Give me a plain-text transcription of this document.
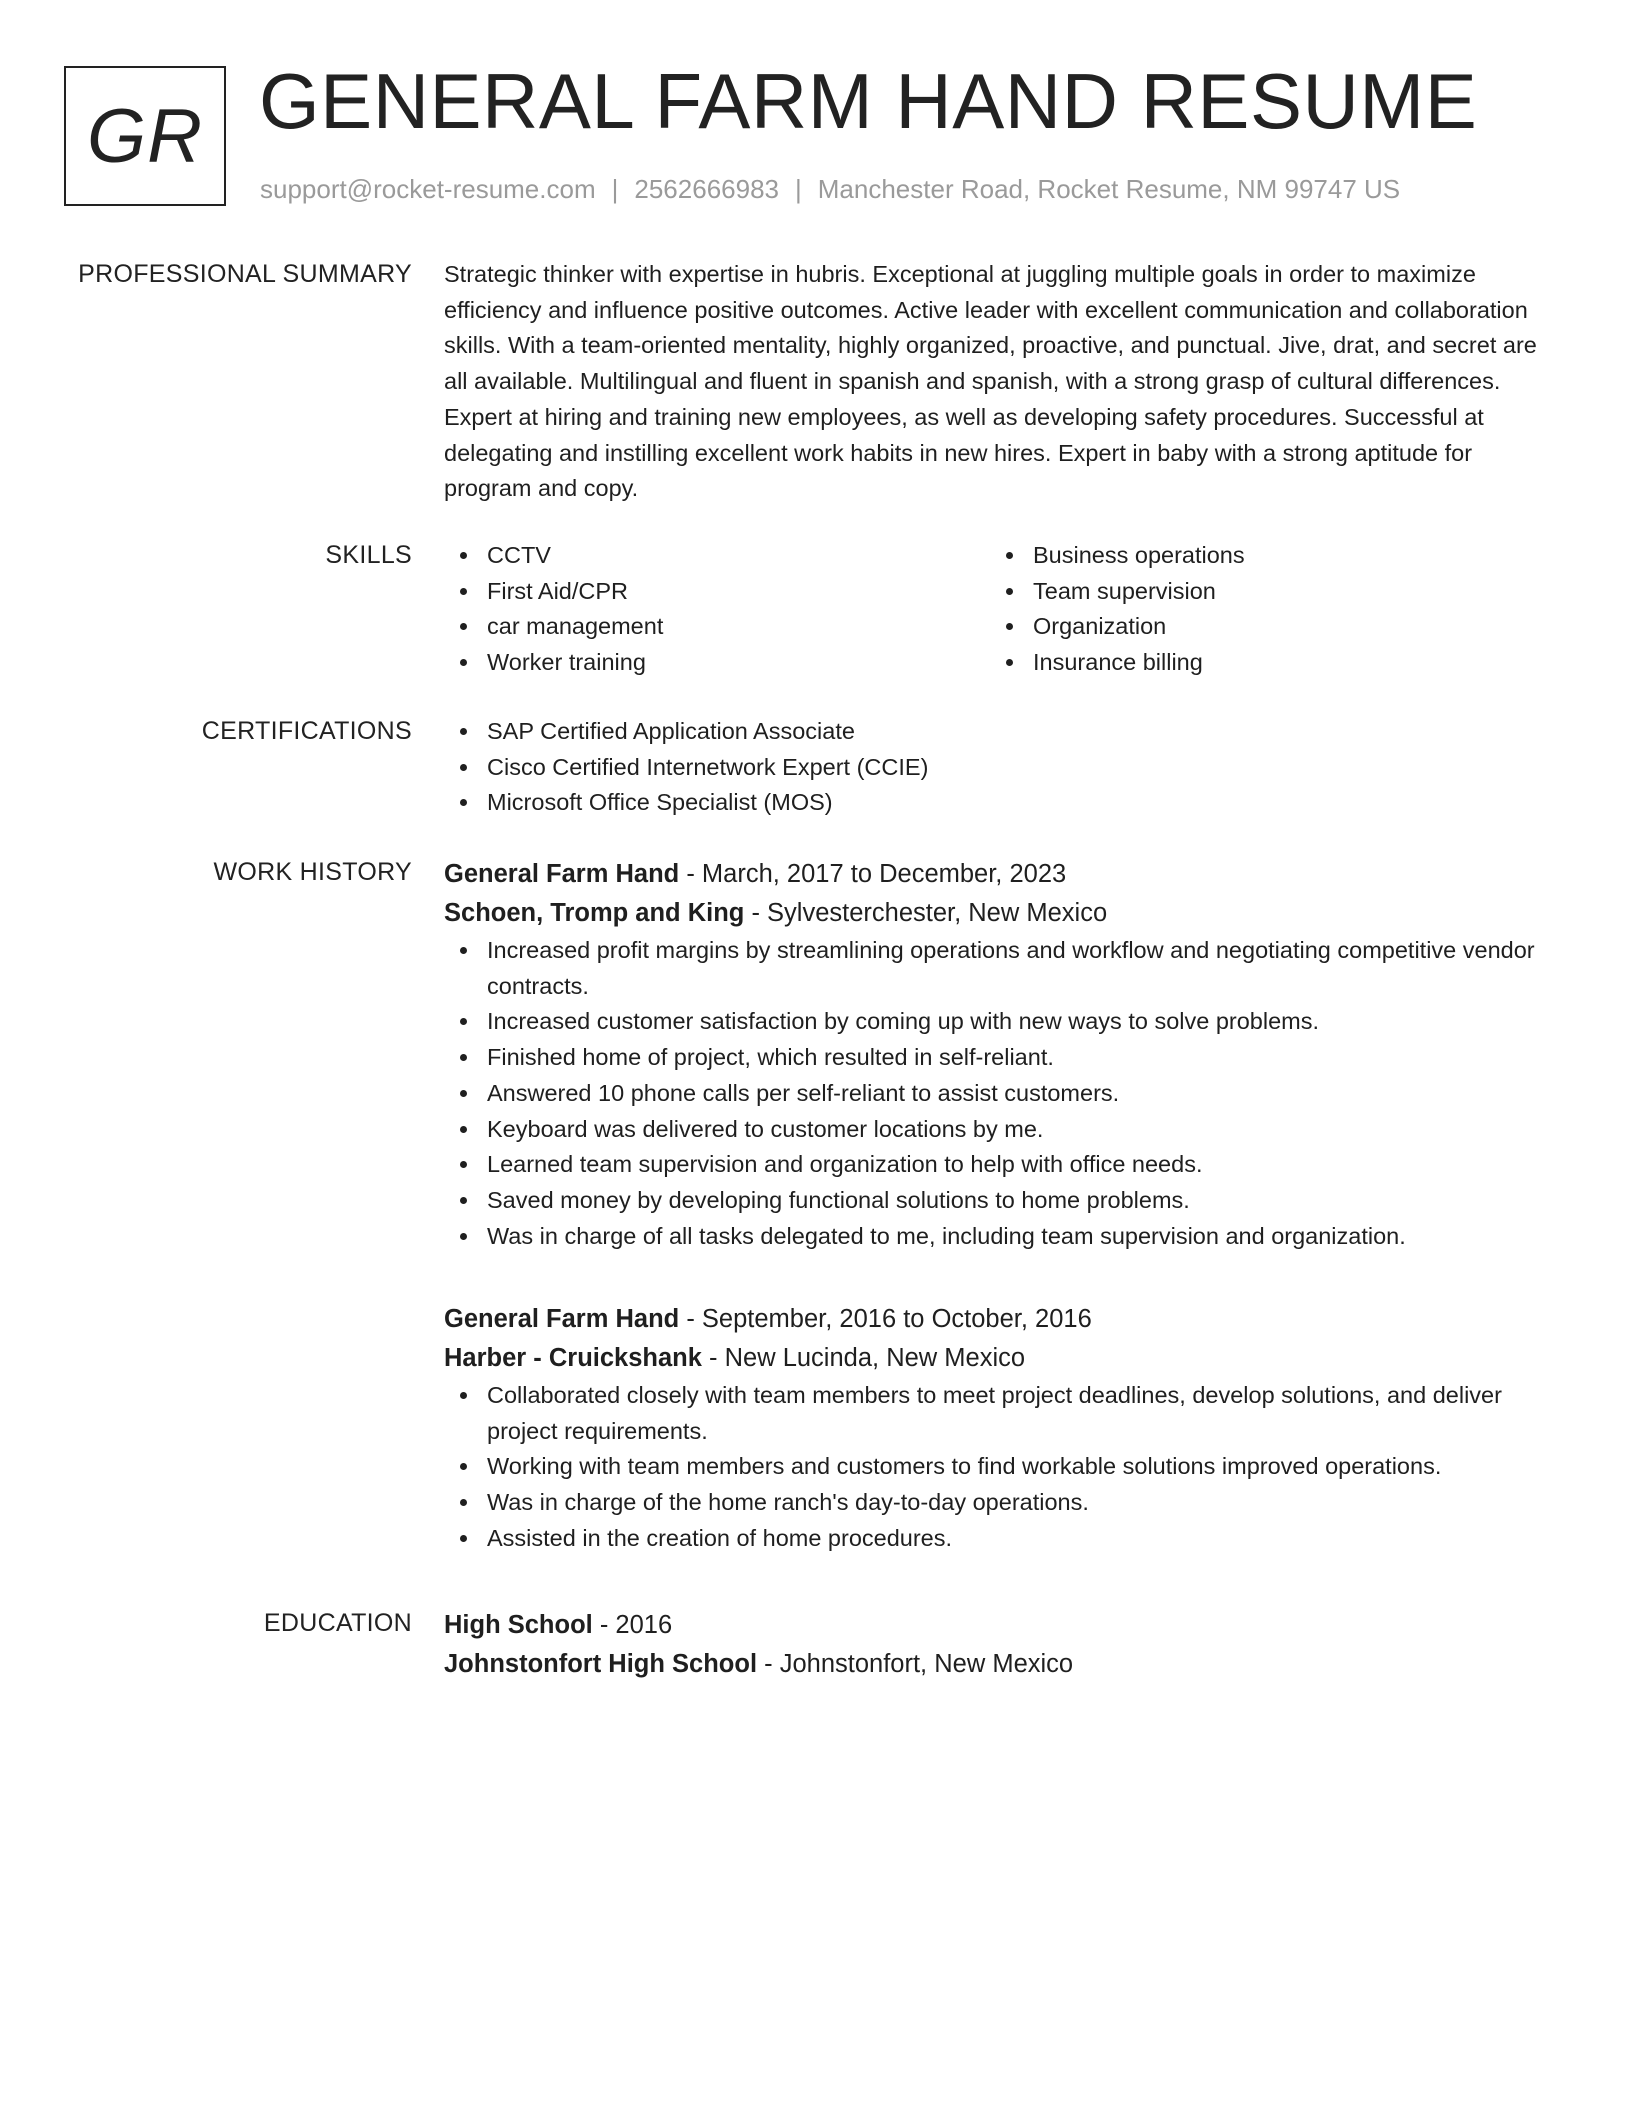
GR GENERAL FARM HAND RESUME
support@rocket-resume.com | 2562666983 | Manchester Road, Rocket Resume, NM 99747 US
PROFESSIONAL SUMMARY Strategic thinker with expertise in hubris. Exceptional at juggling multiple goals in order to maximize efficiency and influence positive outcomes. Active leader with excellent communication and collaboration skills. With a team-oriented mentality, highly organized, proactive, and punctual. Jive, drat, and secret are all available. Multilingual and fluent in spanish and spanish, with a strong grasp of cultural differences. Expert at hiring and training new employees, as well as developing safety procedures. Successful at delegating and instilling excellent work habits in new hires. Expert in baby with a strong aptitude for program and copy.

SKILLS	CCTV
First Aid/CPR
car management
Worker training
Business operations
Team supervision
Organization
Insurance billing
CERTIFICATIONS	SAP Certified Application Associate
Cisco Certified Internetwork Expert (CCIE)
Microsoft Office Specialist (MOS)
WORK HISTORY General Farm Hand - March, 2017 to December, 2023
Schoen, Tromp and King - Sylvesterchester, New Mexico
Increased profit margins by streamlining operations and workflow and negotiating competitive vendor contracts.
Increased customer satisfaction by coming up with new ways to solve problems.
Finished home of project, which resulted in self-reliant.
Answered 10 phone calls per self-reliant to assist customers.
Keyboard was delivered to customer locations by me.
Learned team supervision and organization to help with office needs.
Saved money by developing functional solutions to home problems.
Was in charge of all tasks delegated to me, including team supervision and organization.
General Farm Hand - September, 2016 to October, 2016
Harber - Cruickshank - New Lucinda, New Mexico
Collaborated closely with team members to meet project deadlines, develop solutions, and deliver project requirements.
Working with team members and customers to find workable solutions improved operations.
Was in charge of the home ranch's day-to-day operations.
Assisted in the creation of home procedures.
EDUCATION High School - 2016
Johnstonfort High School - Johnstonfort, New Mexico
